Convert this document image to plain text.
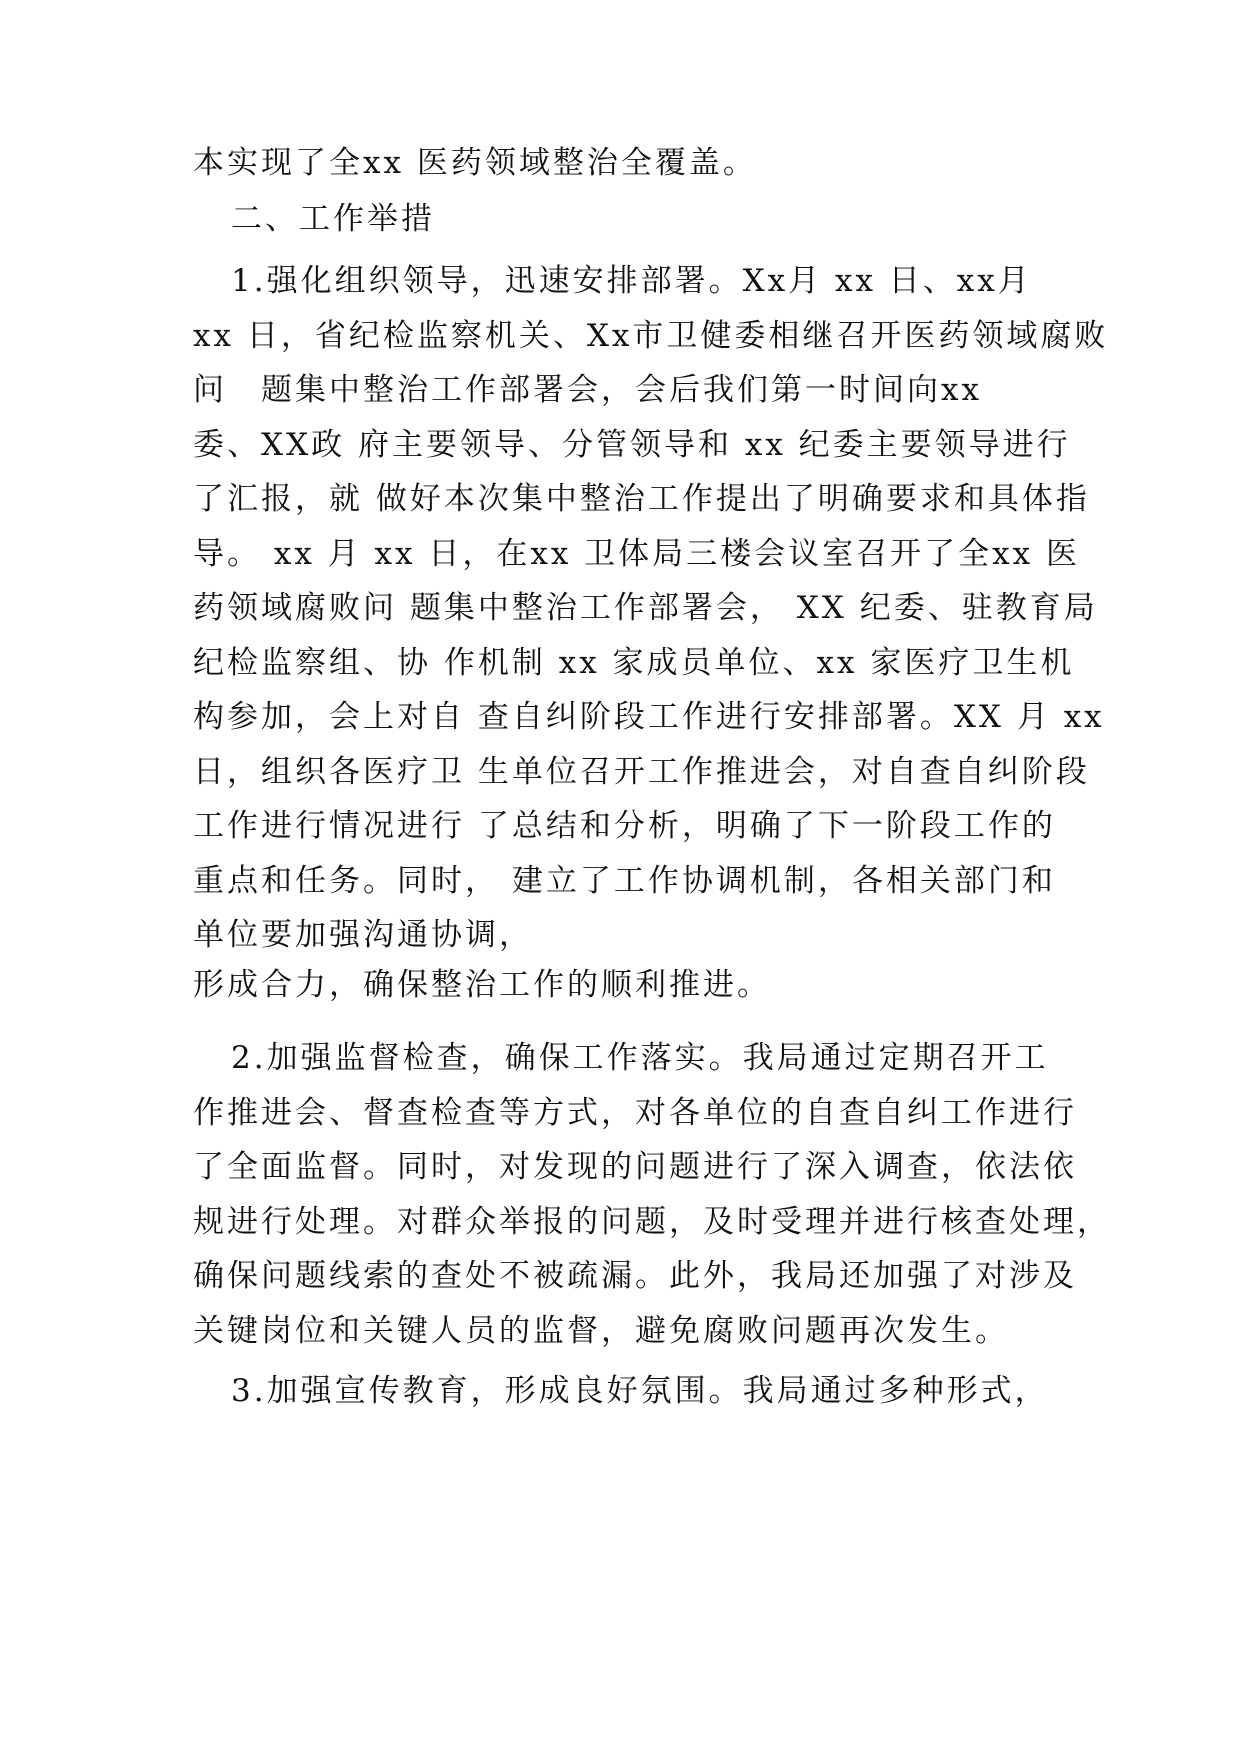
本实现了全xx 医药领域整治全覆盖。
二、工作举措
1.强化组织领导，迅速安排部署。Xx月 xx 日、xx月
xx 日，省纪检监察机关、Xx市卫健委相继召开医药领域腐败
问　题集中整治工作部署会，会后我们第一时间向xx
委、XX政 府主要领导、分管领导和 xx 纪委主要领导进行
了汇报，就 做好本次集中整治工作提出了明确要求和具体指
导。 xx 月 xx 日，在xx 卫体局三楼会议室召开了全xx 医
药领域腐败问 题集中整治工作部署会， XX 纪委、驻教育局
纪检监察组、协 作机制 xx 家成员单位、xx 家医疗卫生机
构参加，会上对自 查自纠阶段工作进行安排部署。XX 月 xx
日，组织各医疗卫 生单位召开工作推进会，对自查自纠阶段
工作进行情况进行 了总结和分析，明确了下一阶段工作的
重点和任务。同时， 建立了工作协调机制，各相关部门和
单位要加强沟通协调，
形成合力，确保整治工作的顺利推进。
2.加强监督检查，确保工作落实。我局通过定期召开工
作推进会、督查检查等方式，对各单位的自查自纠工作进行
了全面监督。同时，对发现的问题进行了深入调查，依法依
规进行处理。对群众举报的问题，及时受理并进行核查处理，
确保问题线索的查处不被疏漏。此外，我局还加强了对涉及
关键岗位和关键人员的监督，避免腐败问题再次发生。
3.加强宣传教育，形成良好氛围。我局通过多种形式，
